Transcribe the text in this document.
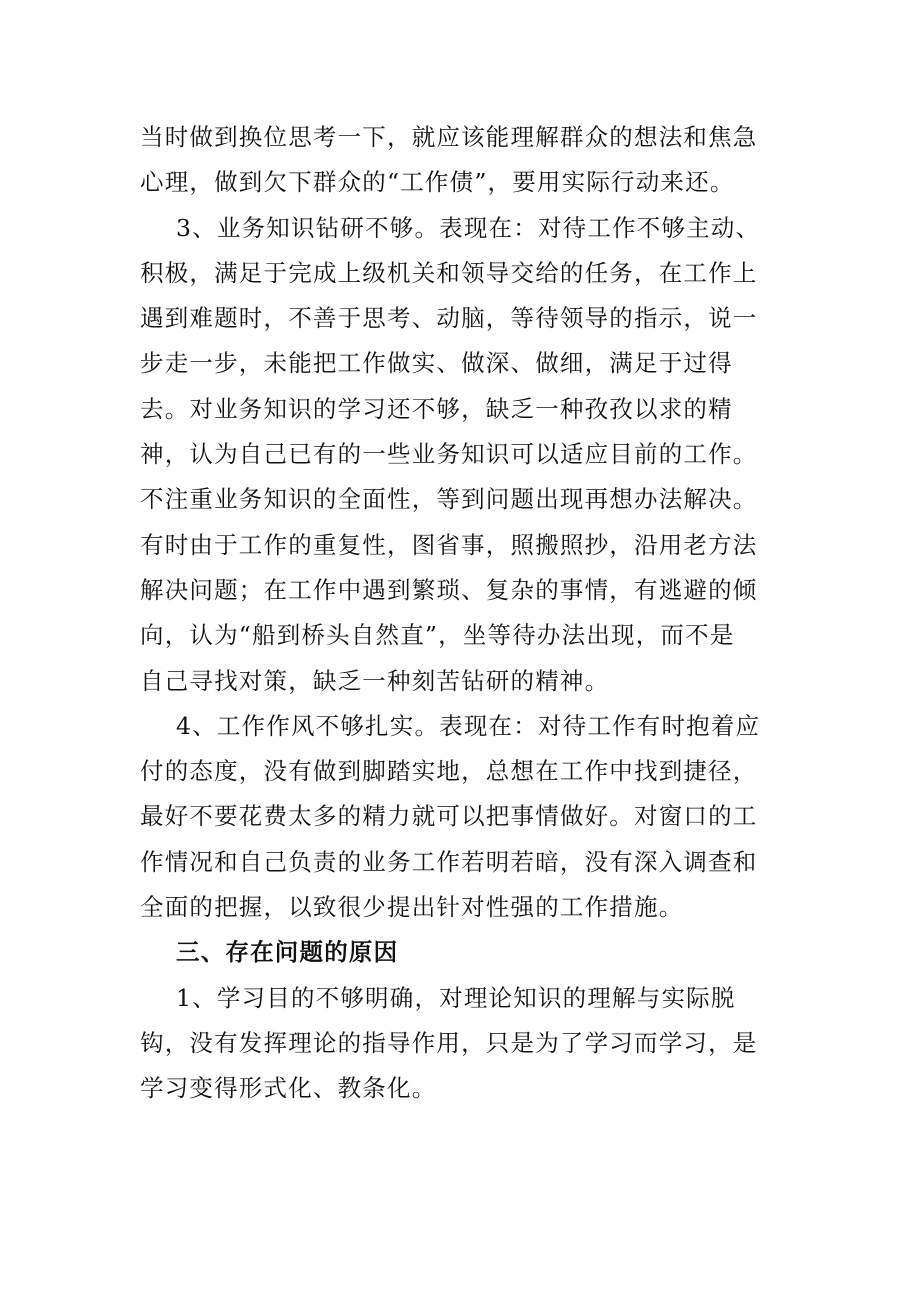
当时做到换位思考一下，就应该能理解群众的想法和焦急
心理，做到欠下群众的“工作债”，要用实际行动来还。
3、业务知识钻研不够。表现在：对待工作不够主动、
积极，满足于完成上级机关和领导交给的任务，在工作上
遇到难题时，不善于思考、动脑，等待领导的指示，说一
步走一步，未能把工作做实、做深、做细，满足于过得
去。对业务知识的学习还不够，缺乏一种孜孜以求的精
神，认为自己已有的一些业务知识可以适应目前的工作。
不注重业务知识的全面性，等到问题出现再想办法解决。
有时由于工作的重复性，图省事，照搬照抄，沿用老方法
解决问题；在工作中遇到繁琐、复杂的事情，有逃避的倾
向，认为“船到桥头自然直”，坐等待办法出现，而不是
自己寻找对策，缺乏一种刻苦钻研的精神。
4、工作作风不够扎实。表现在：对待工作有时抱着应
付的态度，没有做到脚踏实地，总想在工作中找到捷径，
最好不要花费太多的精力就可以把事情做好。对窗口的工
作情况和自己负责的业务工作若明若暗，没有深入调查和
全面的把握，以致很少提出针对性强的工作措施。
三、存在问题的原因
1、学习目的不够明确，对理论知识的理解与实际脱
钩，没有发挥理论的指导作用，只是为了学习而学习，是
学习变得形式化、教条化。
